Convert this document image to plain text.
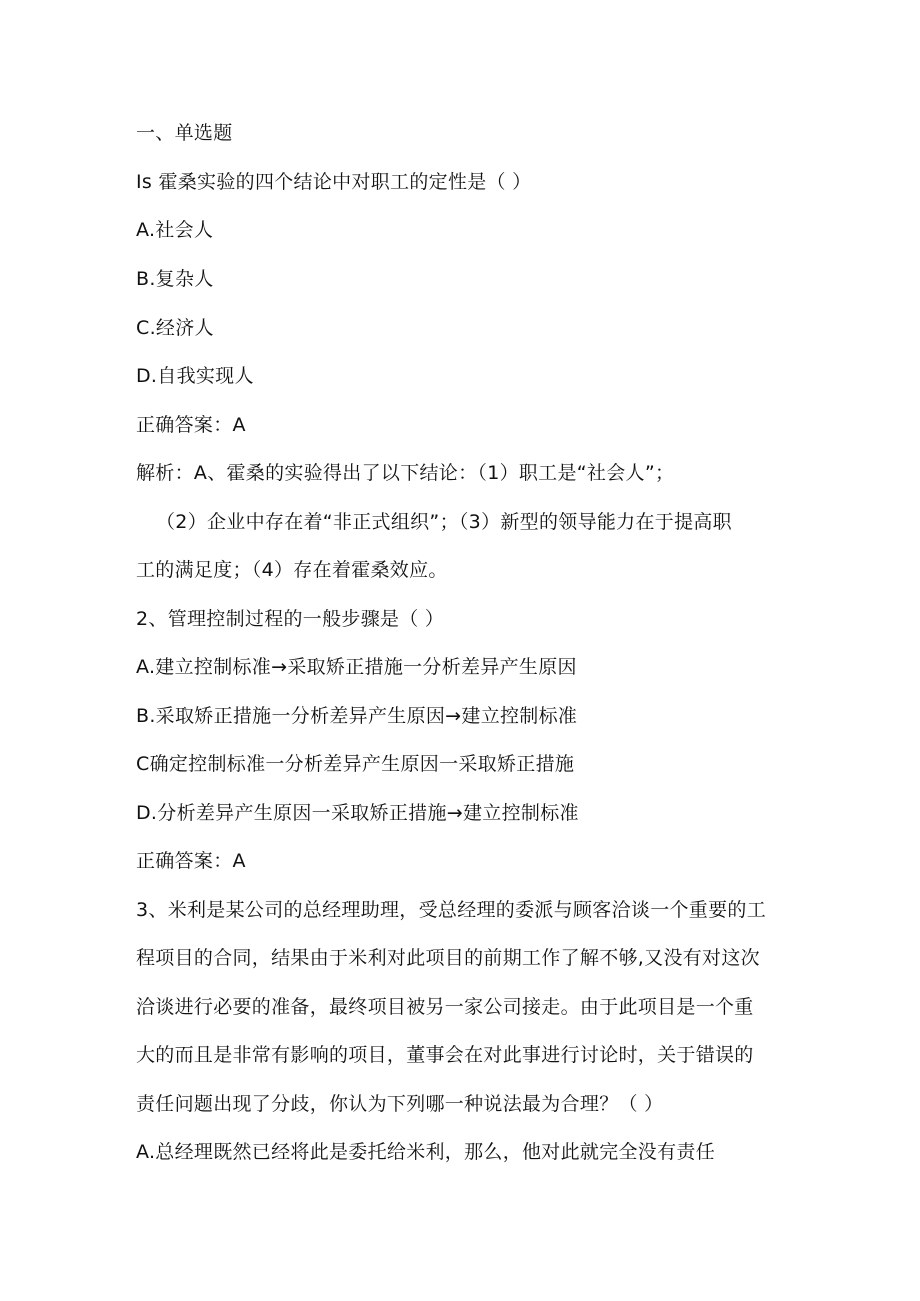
一、单选题
Is 霍桑实验的四个结论中对职工的定性是（ ）
A.社会人
B.复杂人
C.经济人
D.自我实现人
正确答案：A
解析：A、霍桑的实验得出了以下结论：（1）职工是“社会人”；
（2）企业中存在着“非正式组织”；（3）新型的领导能力在于提高职
工的满足度；（4）存在着霍桑效应。
2、管理控制过程的一般步骤是（ ）
A.建立控制标准→采取矫正措施一分析差异产生原因
B.采取矫正措施一分析差异产生原因→建立控制标准
C确定控制标准一分析差异产生原因一采取矫正措施
D.分析差异产生原因一采取矫正措施→建立控制标准
正确答案：A
3、米利是某公司的总经理助理，受总经理的委派与顾客洽谈一个重要的工
程项目的合同，结果由于米利对此项目的前期工作了解不够,又没有对这次
洽谈进行必要的准备，最终项目被另一家公司接走。由于此项目是一个重
大的而且是非常有影响的项目，董事会在对此事进行讨论时，关于错误的
责任问题出现了分歧，你认为下列哪一种说法最为合理？（ ）
A.总经理既然已经将此是委托给米利，那么，他对此就完全没有责任
